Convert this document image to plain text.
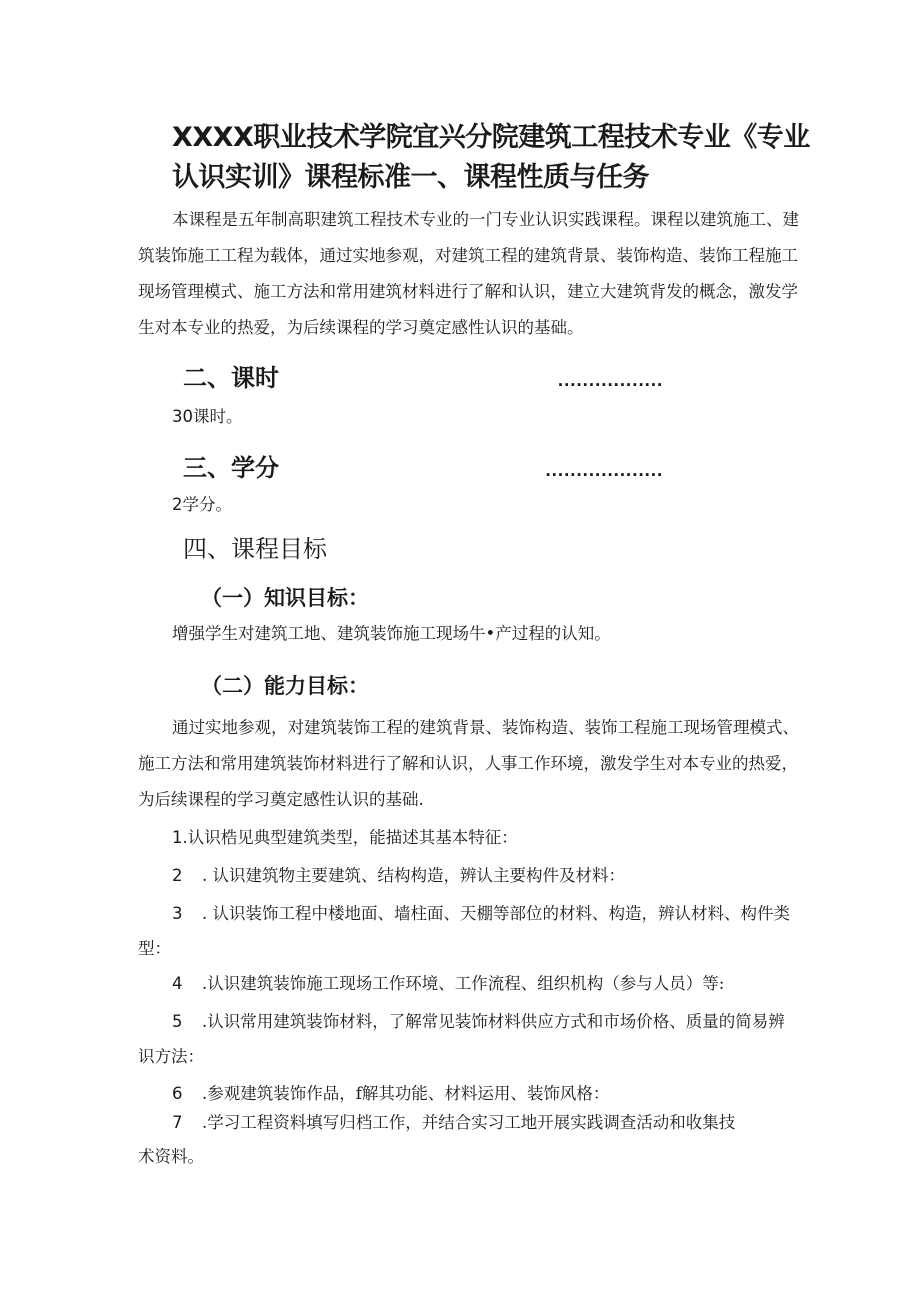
XXXX职业技术学院宜兴分院建筑工程技术专业《专业认识实训》课程标准一、课程性质与任务

本课程是五年制高职建筑工程技术专业的一门专业认识实践课程。课程以建筑施工、建筑装饰施工工程为载体，通过实地参观，对建筑工程的建筑背景、装饰构造、装饰工程施工现场管理模式、施工方法和常用建筑材料进行了解和认识，建立大建筑背发的概念，激发学生对本专业的热爱，为后续课程的学习奠定感性认识的基础。

二、课时	.................

30课时。

三、学分	...................

2学分。

四、课程目标
（一）知识目标：

增强学生对建筑工地、建筑装饰施工现场牛•产过程的认知。

（二）能力目标：

通过实地参观，对建筑装饰工程的建筑背景、装饰构造、装饰工程施工现场管理模式、施工方法和常用建筑装饰材料进行了解和认识，人事工作环境，激发学生对本专业的热爱，为后续课程的学习奠定感性认识的基础.

1.认识梏见典型建筑类型，能描述其基本特征：

2 . 认识建筑物主要建筑、结构构造，辨认主要构件及材料：

3 . 认识装饰工程中楼地面、墙柱面、天棚等部位的材料、构造，辨认材料、构件类

型：

4 .认识建筑装饰施工现场工作环境、工作流程、组织机构（参与人员）等:

5 .认识常用建筑装饰材料，了解常见装饰材料供应方式和市场价格、质量的简易辨

识方法：

6 .参观建筑装饰作品，f解其功能、材料运用、装饰风格：

7 .学习工程资料填写归档工作，并结合实习工地开展实践调查活动和收集技

术资料。
